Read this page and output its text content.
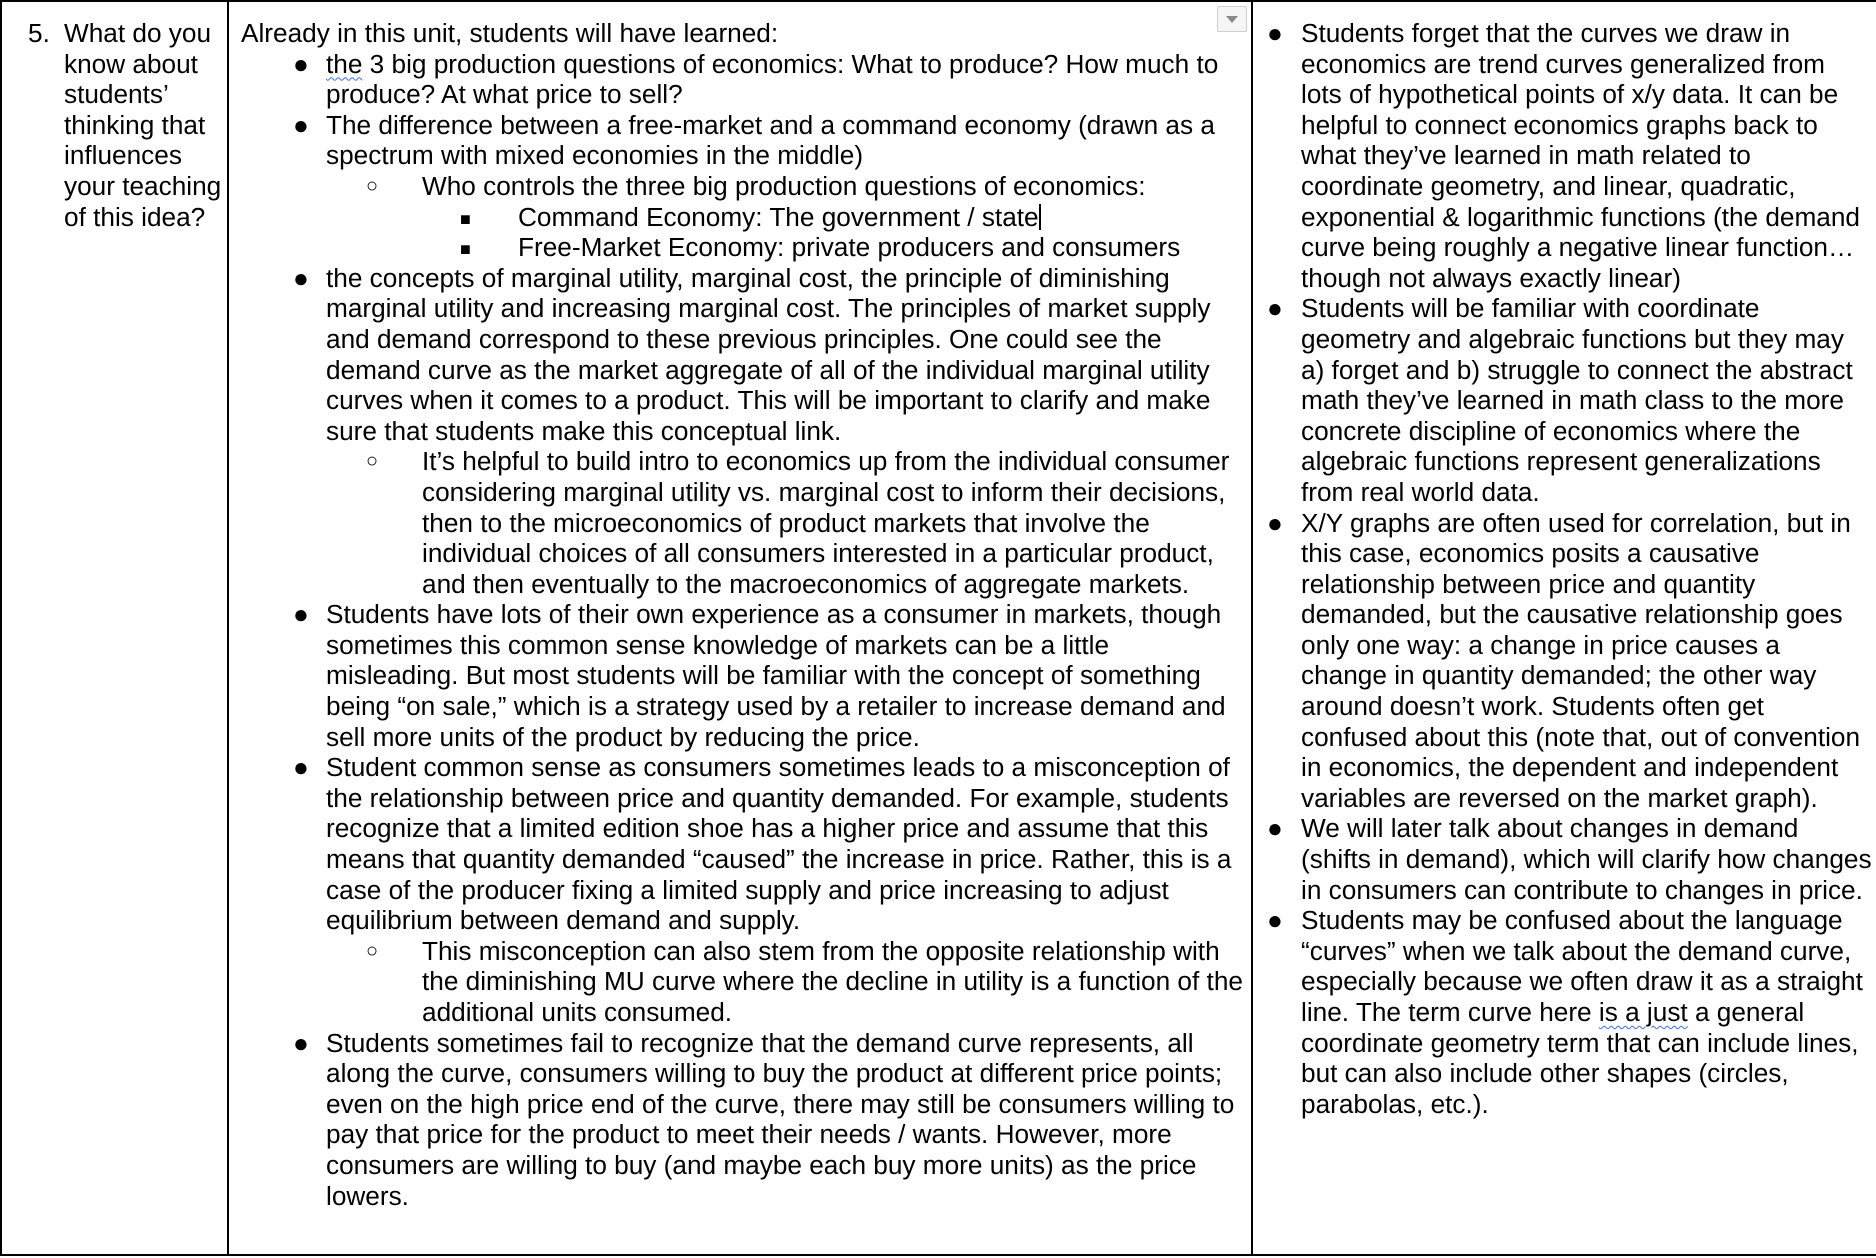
5. What do you know about students’ thinking that influences your teaching of this idea?

Already in this unit, students will have learned:
● the 3 big production questions of economics: What to produce? How much to produce? At what price to sell?
● The difference between a free-market and a command economy (drawn as a spectrum with mixed economies in the middle)
○ Who controls the three big production questions of economics:
■ Command Economy: The government / state
■ Free-Market Economy: private producers and consumers
● the concepts of marginal utility, marginal cost, the principle of diminishing marginal utility and increasing marginal cost. The principles of market supply and demand correspond to these previous principles. One could see the demand curve as the market aggregate of all of the individual marginal utility curves when it comes to a product. This will be important to clarify and make sure that students make this conceptual link.
○ It’s helpful to build intro to economics up from the individual consumer considering marginal utility vs. marginal cost to inform their decisions, then to the microeconomics of product markets that involve the individual choices of all consumers interested in a particular product, and then eventually to the macroeconomics of aggregate markets.
● Students have lots of their own experience as a consumer in markets, though sometimes this common sense knowledge of markets can be a little misleading. But most students will be familiar with the concept of something being “on sale,” which is a strategy used by a retailer to increase demand and sell more units of the product by reducing the price.
● Student common sense as consumers sometimes leads to a misconception of the relationship between price and quantity demanded. For example, students recognize that a limited edition shoe has a higher price and assume that this means that quantity demanded “caused” the increase in price. Rather, this is a case of the producer fixing a limited supply and price increasing to adjust equilibrium between demand and supply.
○ This misconception can also stem from the opposite relationship with the diminishing MU curve where the decline in utility is a function of the additional units consumed.
● Students sometimes fail to recognize that the demand curve represents, all along the curve, consumers willing to buy the product at different price points; even on the high price end of the curve, there may still be consumers willing to pay that price for the product to meet their needs / wants. However, more consumers are willing to buy (and maybe each buy more units) as the price lowers.

● Students forget that the curves we draw in economics are trend curves generalized from lots of hypothetical points of x/y data. It can be helpful to connect economics graphs back to what they’ve learned in math related to coordinate geometry, and linear, quadratic, exponential & logarithmic functions (the demand curve being roughly a negative linear function… though not always exactly linear)
● Students will be familiar with coordinate geometry and algebraic functions but they may a) forget and b) struggle to connect the abstract math they’ve learned in math class to the more concrete discipline of economics where the algebraic functions represent generalizations from real world data.
● X/Y graphs are often used for correlation, but in this case, economics posits a causative relationship between price and quantity demanded, but the causative relationship goes only one way: a change in price causes a change in quantity demanded; the other way around doesn’t work. Students often get confused about this (note that, out of convention in economics, the dependent and independent variables are reversed on the market graph).
● We will later talk about changes in demand (shifts in demand), which will clarify how changes in consumers can contribute to changes in price.
● Students may be confused about the language “curves” when we talk about the demand curve, especially because we often draw it as a straight line. The term curve here is a just a general coordinate geometry term that can include lines, but can also include other shapes (circles, parabolas, etc.).
